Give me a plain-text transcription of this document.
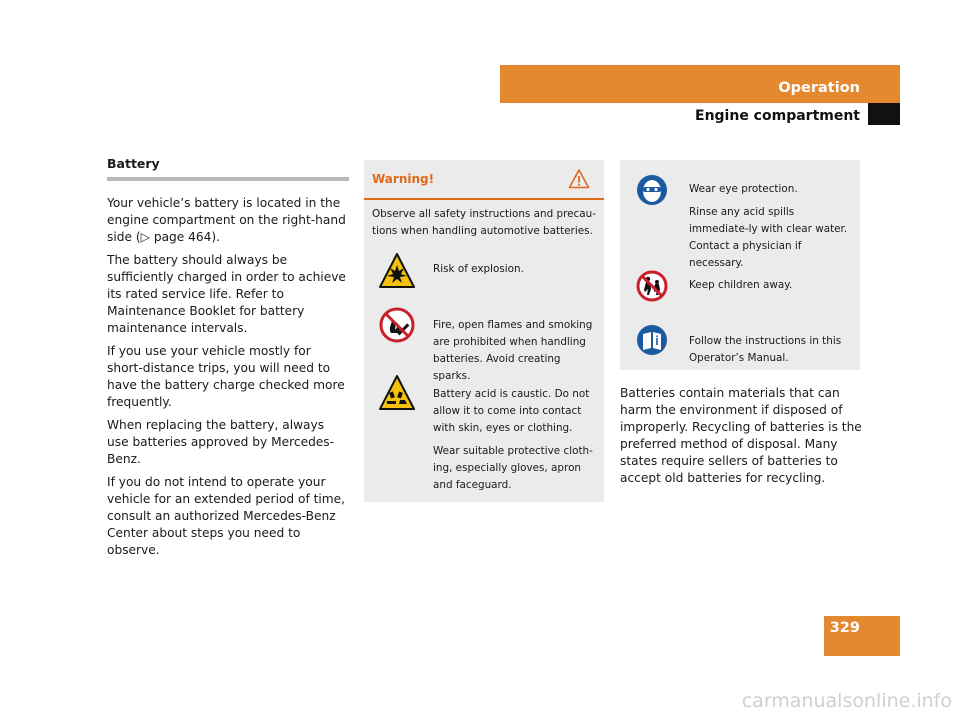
Operation
Engine compartment
Battery

Your vehicle’s battery is located in the engine compartment on the right-hand side (▷ page 464).

The battery should always be sufficiently charged in order to achieve its rated service life. Refer to Maintenance Booklet for battery maintenance intervals.

If you use your vehicle mostly for short-distance trips, you will need to have the battery charge checked more frequently.

When replacing the battery, always use batteries approved by Mercedes-Benz.

If you do not intend to operate your vehicle for an extended period of time, consult an authorized Mercedes-Benz Center about steps you need to observe.

Warning!
Observe all safety instructions and precau-tions when handling automotive batteries.
Risk of explosion.
Fire, open flames and smoking are prohibited when handling batteries. Avoid creating sparks.

Battery acid is caustic. Do not allow it to come into contact with skin, eyes or clothing.

Wear suitable protective cloth-ing, especially gloves, apron and faceguard.

Wear eye protection.

Rinse any acid spills immediate-ly with clear water. Contact a physician if necessary.

Keep children away.
Follow the instructions in this Operator’s Manual.

Batteries contain materials that can harm the environment if disposed of improperly. Recycling of batteries is the preferred method of disposal. Many states require sellers of batteries to accept old batteries for recycling.

329
carmanualsonline.info
